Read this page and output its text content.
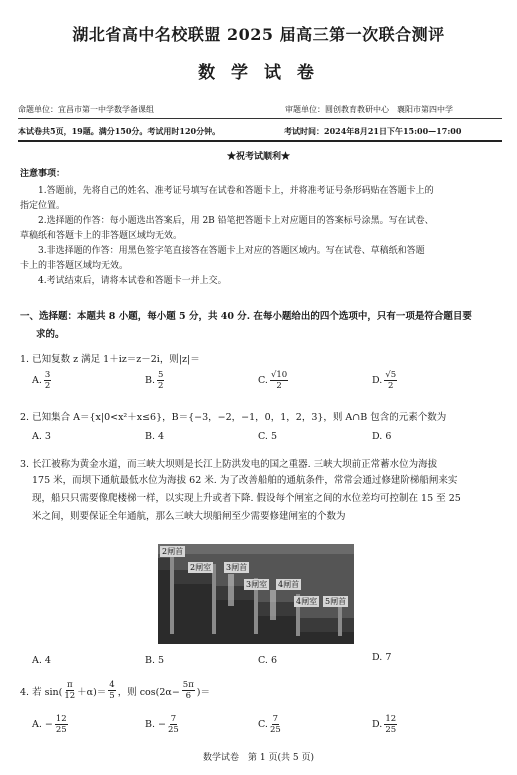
湖北省高中名校联盟 2025 届高三第一次联合测评
数 学 试 卷
命题单位：宜昌市第一中学数学备课组	审题单位：圆创教育教研中心　襄阳市第四中学
本试卷共5页，19题。满分150分。考试用时120分钟。	考试时间：2024年8月21日下午15:00—17:00
★祝考试顺利★
注意事项：
1.答题前，先将自己的姓名、准考证号填写在试卷和答题卡上，并将准考证号条形码贴在答题卡上的
指定位置。
2.选择题的作答：每小题选出答案后，用 2B 铅笔把答题卡上对应题目的答案标号涂黑。写在试卷、
草稿纸和答题卡上的非答题区域均无效。
3.非选择题的作答：用黑色签字笔直接答在答题卡上对应的答题区域内。写在试卷、草稿纸和答题
卡上的非答题区域均无效。
4.考试结束后，请将本试卷和答题卡一并上交。
一、选择题：本题共 8 小题，每小题 5 分，共 40 分. 在每小题给出的四个选项中，只有一项是符合题目要
求的。
1. 已知复数 z 满足 1＋iz＝z－2i，则|z|＝
A. $\frac{3}{2}$	B. $\frac{5}{2}$	C. $\frac{√10}{2}$	D. $\frac{√5}{2}$
2. 已知集合 A＝{x|0<x²＋x≤6}，B＝{−3，−2，−1，0，1，2，3}，则 A∩B 包含的元素个数为
A. 3	B. 4	C. 5	D. 6
3. 长江被称为黄金水道，而三峡大坝则是长江上防洪发电的国之重器. 三峡大坝前正常蓄水位为海拔
175 米，而坝下通航最低水位为海拔 62 米. 为了改善船舶的通航条件，常常会通过修建阶梯船闸来实
现，船只只需要像爬楼梯一样，以实现上升或者下降. 假设每个闸室之间的水位差均可控制在 15 至 25
米之间，则要保证全年通航，那么三峡大坝船闸至少需要修建闸室的个数为
2闸首
2闸室 3闸首
3闸室 4闸首
4闸室 5闸首
A. 4	B. 5	C. 6	D. 7
4. 若 $\sin( \frac{\pi}{12} +\alpha)= \frac{4}{5}$ ，则 $\cos(2\alpha- \frac{5\pi}{6}$ )＝
A. − $\frac{12}{25}$	B. − $\frac{7}{25}$	C. $\frac{7}{25}$	D. $\frac{12}{25}$
数学试卷　第 1 页(共 5 页)
